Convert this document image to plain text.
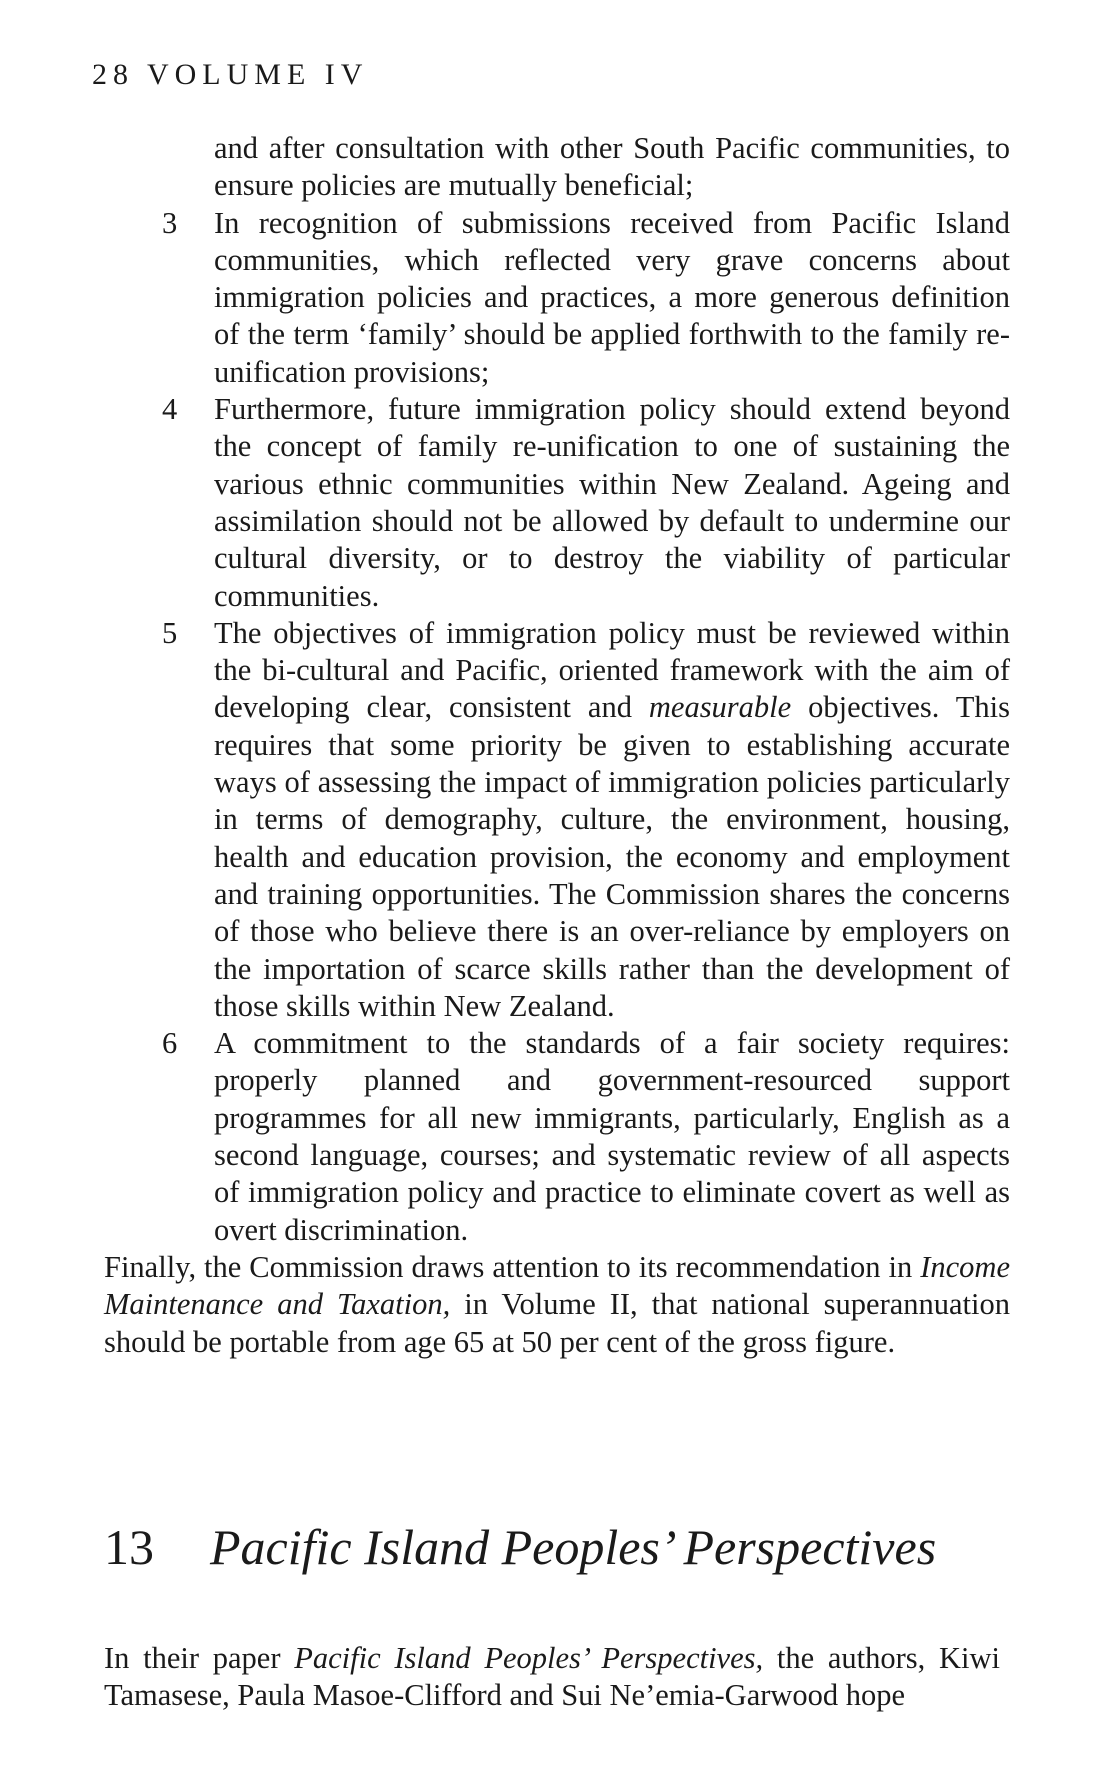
28 VOLUME IV

and after consultation with other South Pacific communities, to ensure policies are mutually beneficial;

3	In recognition of submissions received from Pacific Island communities, which reflected very grave concerns about immigration policies and practices, a more generous definition of the term ‘family’ should be applied forthwith to the family re-unification provisions;

4	Furthermore, future immigration policy should extend beyond the concept of family re-unification to one of sustaining the various ethnic communities within New Zealand. Ageing and assimilation should not be allowed by default to undermine our cultural diversity, or to destroy the viability of particular communities.

5	The objectives of immigration policy must be reviewed within the bi-cultural and Pacific, oriented framework with the aim of developing clear, consistent and measurable objectives. This requires that some priority be given to establishing accurate ways of assessing the impact of immigration policies particularly in terms of demography, culture, the environment, housing, health and education provision, the economy and employment and training opportunities. The Commission shares the concerns of those who believe there is an over-reliance by employers on the importation of scarce skills rather than the development of those skills within New Zealand.

6	A commitment to the standards of a fair society requires: properly planned and government-resourced support programmes for all new immigrants, particularly, English as a second language, courses; and systematic review of all aspects of immigration policy and practice to eliminate covert as well as overt discrimination.

Finally, the Commission draws attention to its recommendation in Income Maintenance and Taxation, in Volume II, that national superannuation should be portable from age 65 at 50 per cent of the gross figure.

13 Pacific Island Peoples’ Perspectives

In their paper Pacific Island Peoples’ Perspectives, the authors, Kiwi Tamasese, Paula Masoe-Clifford and Sui Ne’emia-Garwood hope
